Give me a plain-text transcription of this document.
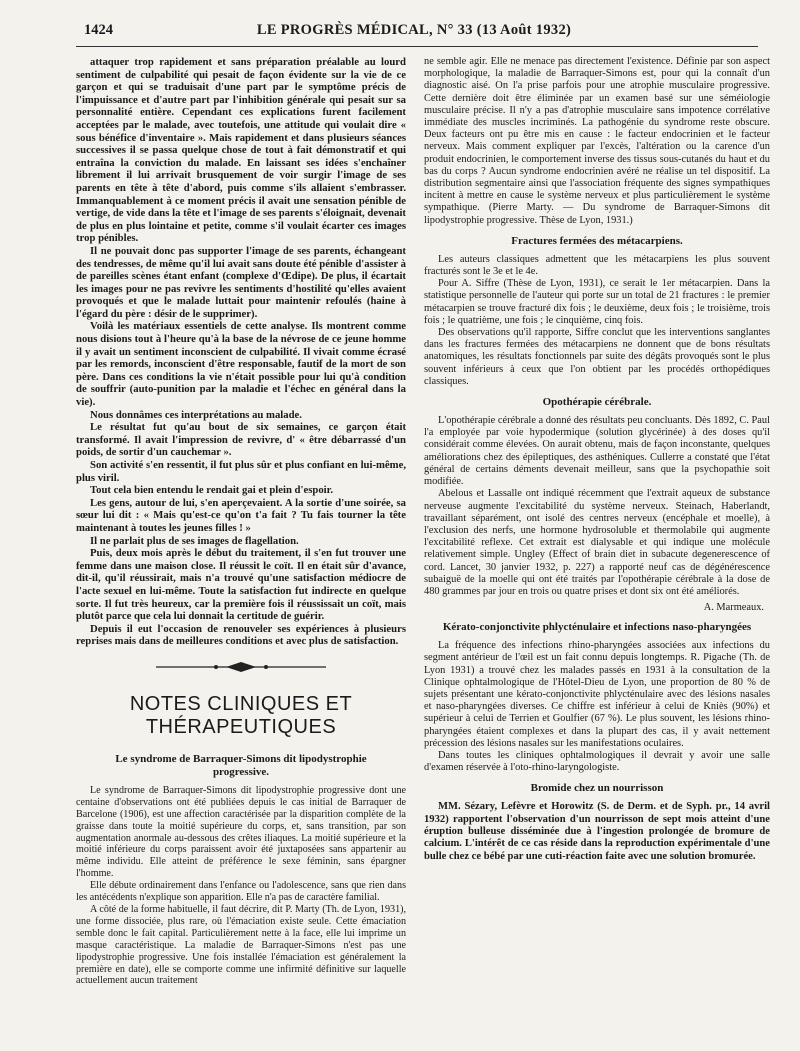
1424	LE PROGRÈS MÉDICAL, N° 33 (13 Août 1932)

attaquer trop rapidement et sans préparation préalable au lourd sentiment de culpabilité qui pesait de façon évidente sur la vie de ce garçon et qui se traduisait d'une part par le symptôme précis de l'impuissance et d'autre part par l'inhibition générale qui pesait sur sa personnalité entière. Cependant ces explications furent facilement acceptées par le malade, avec toutefois, une attitude qui voulait dire « sous bénéfice d'inventaire ». Mais rapidement et dans plusieurs séances successives il se passa quelque chose de tout à fait démonstratif et qui entraîna la conviction du malade. En laissant ses idées s'enchaîner librement il lui arrivait brusquement de voir surgir l'image de ses parents en tête à tête d'abord, puis comme s'ils allaient s'embrasser. Immanquablement à ce moment précis il avait une sensation pénible de vertige, de vide dans la tête et l'image de ses parents s'éloignait, devenait de plus en plus lointaine et petite, comme s'il voulait écarter ces images trop pénibles.

Il ne pouvait donc pas supporter l'image de ses parents, échangeant des tendresses, de même qu'il lui avait sans doute été pénible d'assister à de pareilles scènes étant enfant (complexe d'Œdipe). De plus, il écartait les images pour ne pas revivre les sentiments d'hostilité qu'elles avaient provoqués et que le malade luttait pour maintenir refoulés (haine à l'égard du père : désir de le supprimer).

Voilà les matériaux essentiels de cette analyse. Ils montrent comme nous disions tout à l'heure qu'à la base de la névrose de ce jeune homme il y avait un sentiment inconscient de culpabilité. Il vivait comme écrasé par les remords, inconscient d'être responsable, fautif de la mort de son père. Dans ces conditions la vie n'était possible pour lui qu'à condition de souffrir (auto-punition par la maladie et l'échec en général dans la vie).

Nous donnâmes ces interprétations au malade.

Le résultat fut qu'au bout de six semaines, ce garçon était transformé. Il avait l'impression de revivre, d' « être débarrassé d'un poids, de sortir d'un cauchemar ».

Son activité s'en ressentit, il fut plus sûr et plus confiant en lui-même, plus viril.

Tout cela bien entendu le rendait gai et plein d'espoir.

Les gens, autour de lui, s'en aperçevaient. A la sortie d'une soirée, sa sœur lui dit : « Mais qu'est-ce qu'on t'a fait ? Tu fais tourner la tête maintenant à toutes les jeunes filles ! »

Il ne parlait plus de ses images de flagellation.

Puis, deux mois après le début du traitement, il s'en fut trouver une femme dans une maison close. Il réussit le coït. Il en était sûr d'avance, dit-il, qu'il réussirait, mais n'a trouvé qu'une satisfaction médiocre de l'acte sexuel en lui-même. Toute la satisfaction fut indirecte en quelque sorte. Il fut très heureux, car la première fois il réussissait un coït, mais plutôt parce que cela lui donnait la certitude de guérir.

Depuis il eut l'occasion de renouveler ses expériences à plusieurs reprises mais dans de meilleures conditions et avec plus de satisfaction.

NOTES CLINIQUES ET THÉRAPEUTIQUES
Le syndrome de Barraquer-Simons dit lipodystrophie progressive.

Le syndrome de Barraquer-Simons dit lipodystrophie progressive dont une centaine d'observations ont été publiées depuis le cas initial de Barraquer de Barcelone (1906), est une affection caractérisée par la disparition complète de la graisse dans toute la moitié supérieure du corps, et, sans transition, par son augmentation anormale au-dessous des crêtes iliaques. La moitié supérieure et la moitié inférieure du corps paraissent avoir été juxtaposées sans appartenir au même individu. Elle atteint de préférence le sexe féminin, sans épargner l'homme.

Elle débute ordinairement dans l'enfance ou l'adolescence, sans que rien dans les antécédents n'explique son apparition. Elle n'a pas de caractère familial.

A côté de la forme habituelle, il faut décrire, dit P. Marty (Th. de Lyon, 1931), une forme dissociée, plus rare, où l'émaciation existe seule. Cette émaciation semble donc le fait capital. Particulièrement nette à la face, elle lui imprime un masque caractéristique. La maladie de Barraquer-Simons n'est pas une lipodystrophie progressive. Une fois installée l'émaciation est généralement la première en date), elle se comporte comme une infirmité définitive sur laquelle actuellement aucun traitement

ne semble agir. Elle ne menace pas directement l'existence. Définie par son aspect morphologique, la maladie de Barraquer-Simons est, pour qui la connaît d'un diagnostic aisé. On l'a prise parfois pour une atrophie musculaire progressive. Cette dernière doit être éliminée par un examen basé sur une séméiologie musculaire précise. Il n'y a pas d'atrophie musculaire sans impotence corrélative immédiate des muscles incriminés. La pathogénie du syndrome reste obscure. Deux facteurs ont pu être mis en cause : le facteur endocrinien et le facteur nerveux. Mais comment expliquer par l'excès, l'altération ou la carence d'un produit endocrinien, le comportement inverse des tissus sous-cutanés du haut et du bas du corps ? Aucun syndrome endocrinien avéré ne réalise un tel dispositif. La distribution segmentaire ainsi que l'association fréquente des signes sympathiques incitent à mettre en cause le système nerveux et plus particulièrement le système sympathique. (Pierre Marty. — Du syndrome de Barraquer-Simons dit lipodystrophie progressive. Thèse de Lyon, 1931.)

Fractures fermées des métacarpiens.

Les auteurs classiques admettent que les métacarpiens les plus souvent fracturés sont le 3e et le 4e.

Pour A. Siffre (Thèse de Lyon, 1931), ce serait le 1er métacarpien. Dans la statistique personnelle de l'auteur qui porte sur un total de 21 fractures : le premier métacarpien se trouve fracturé dix fois ; le deuxième, deux fois ; le troisième, trois fois ; le quatrième, une fois ; le cinquième, cinq fois.

Des observations qu'il rapporte, Siffre conclut que les interventions sanglantes dans les fractures fermées des métacarpiens ne donnent que de bons résultats anatomiques, les résultats fonctionnels par suite des dégâts provoqués sont le plus souvent inférieurs à ceux que l'on obtient par les procédés orthopédiques classiques.

Opothérapie cérébrale.

L'opothérapie cérébrale a donné des résultats peu concluants. Dès 1892, C. Paul l'a employée par voie hypodermique (solution glycérinée) à des doses qu'il considérait comme élevées. On aurait obtenu, mais de façon inconstante, quelques améliorations chez des épileptiques, des asthéniques. Cullerre a constaté que l'état général de certains déments devenait meilleur, sans que la psychopathie soit modifiée.

Abelous et Lassalle ont indiqué récemment que l'extrait aqueux de substance nerveuse augmente l'excitabilité du système nerveux. Steinach, Haberlandt, travaillant séparément, ont isolé des centres nerveux (encéphale et moelle), à l'exclusion des nerfs, une hormone hydrosoluble et thermolabile qui augmente l'excitabilité reflexe. Cet extrait est dialysable et qui indique une molécule relativement simple. Ungley (Effect of brain diet in subacute degenerescence of cord. Lancet, 30 janvier 1932, p. 227) a rapporté neuf cas de dégénérescence subaiguë de la moelle qui ont été traités par l'opothérapie cérébrale à la dose de 480 grammes par jour en trois ou quatre prises et dont six ont été améliorés.

A. Marmeaux.
Kérato-conjonctivite phlycténulaire et infections naso-pharyngées

La fréquence des infections rhino-pharyngées associées aux infections du segment antérieur de l'œil est un fait connu depuis longtemps. R. Pigache (Th. de Lyon 1931) a trouvé chez les malades passés en 1931 à la consultation de la Clinique ophtalmologique de l'Hôtel-Dieu de Lyon, une proportion de 80 % de sujets présentant une kérato-conjonctivite phlycténulaire avec des lésions nasales et naso-pharyngées diverses. Ce chiffre est inférieur à celui de Kniès (90%) et supérieur à celui de Terrien et Goulfier (67 %). Le plus souvent, les lésions rhino-pharyngées étaient complexes et dans la plupart des cas, il y avait nettement précession des lésions nasales sur les manifestations oculaires.

Dans toutes les cliniques ophtalmologiques il devrait y avoir une salle d'examen réservée à l'oto-rhino-laryngologiste.

Bromide chez un nourrisson

MM. Sézary, Lefèvre et Horowitz (S. de Derm. et de Syph. pr., 14 avril 1932) rapportent l'observation d'un nourrisson de sept mois atteint d'une éruption bulleuse disséminée due à l'ingestion prolongée de bromure de calcium. L'intérêt de ce cas réside dans la reproduction expérimentale d'une bulle chez ce bébé par une cuti-réaction faite avec une solution bromurée.
